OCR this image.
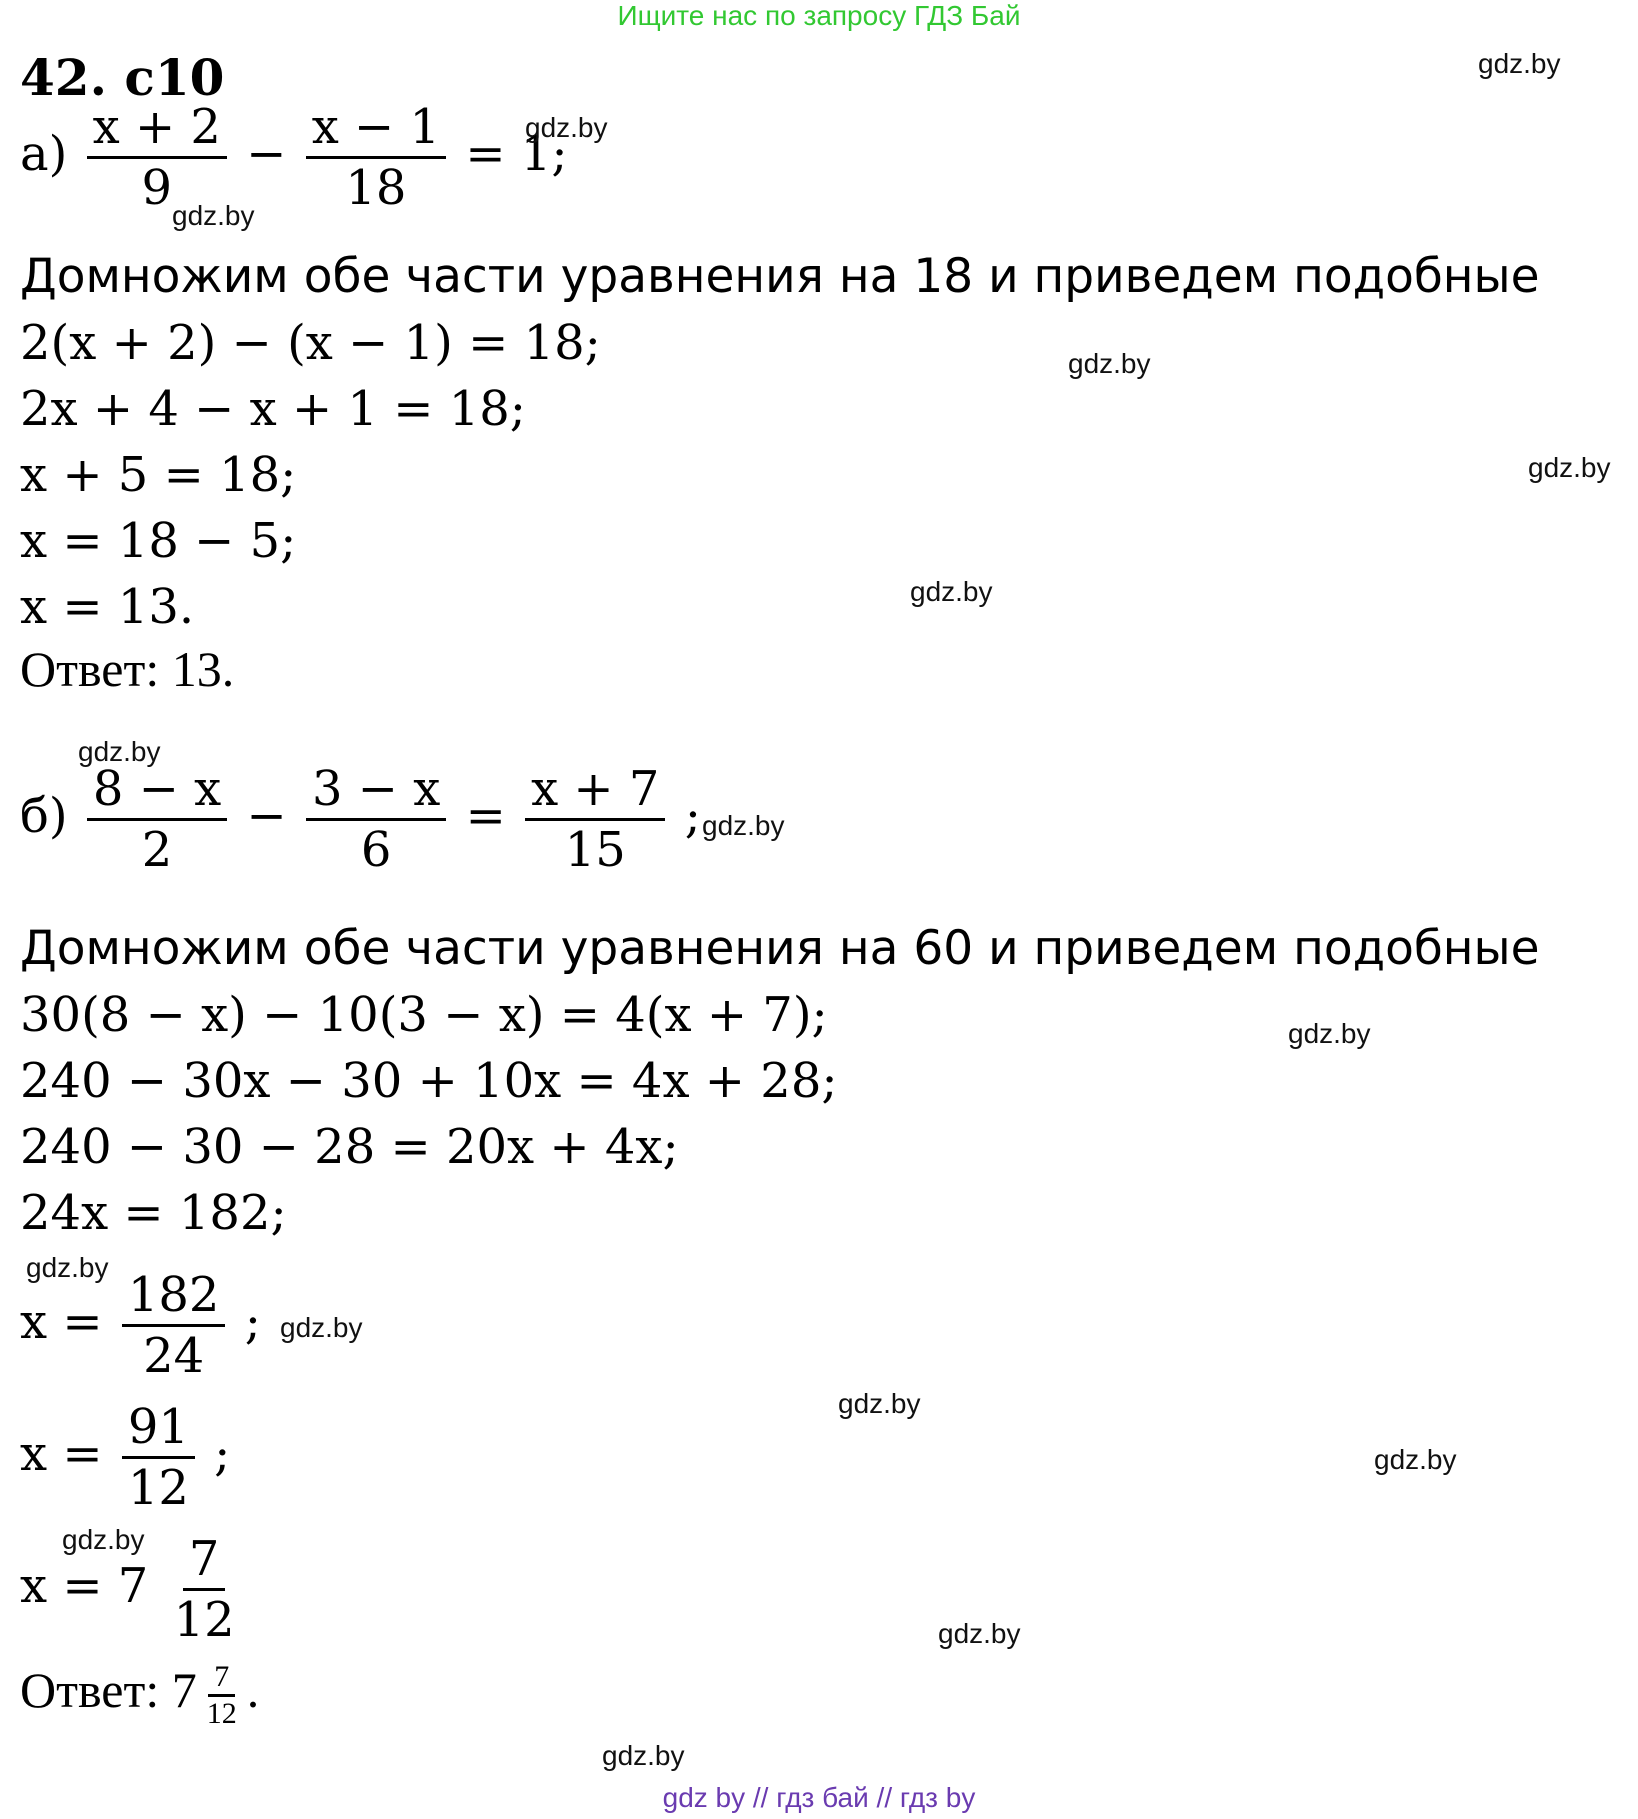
Ищите нас по запросу ГДЗ Бай
42. с10
$а) \frac{x + 2}{9} - \frac{x - 1}{18} = 1$;
Домножим обе части уравнения на 18 и приведем подобные
2(x + 2) − (x − 1) = 18;
2x + 4 − x + 1 = 18;
x + 5 = 18;
x = 18 − 5;
x = 13.
Ответ: 13.
$б) \frac{8 - x}{2} - \frac{3 - x}{6} = \frac{x + 7}{15}$ ;
Домножим обе части уравнения на 60 и приведем подобные
30(8 − x) − 10(3 − x) = 4(x + 7);
240 − 30x − 30 + 10x = 4x + 28;
240 − 30 − 28 = 20x + 4x;
24x = 182;
$x = \frac{182}{24}$ ;
$x = \frac{91}{12}$ ;
$x = 7 \frac{7}{12}$
Ответ: $7 \frac{7}{12}$ .
gdz.by
gdz.by
gdz.by
gdz.by
gdz.by
gdz.by
gdz.by
gdz.by
gdz.by
gdz.by
gdz.by
gdz.by
gdz.by
gdz.by
gdz.by
gdz.by
gdz by // гдз бай // гдз by
